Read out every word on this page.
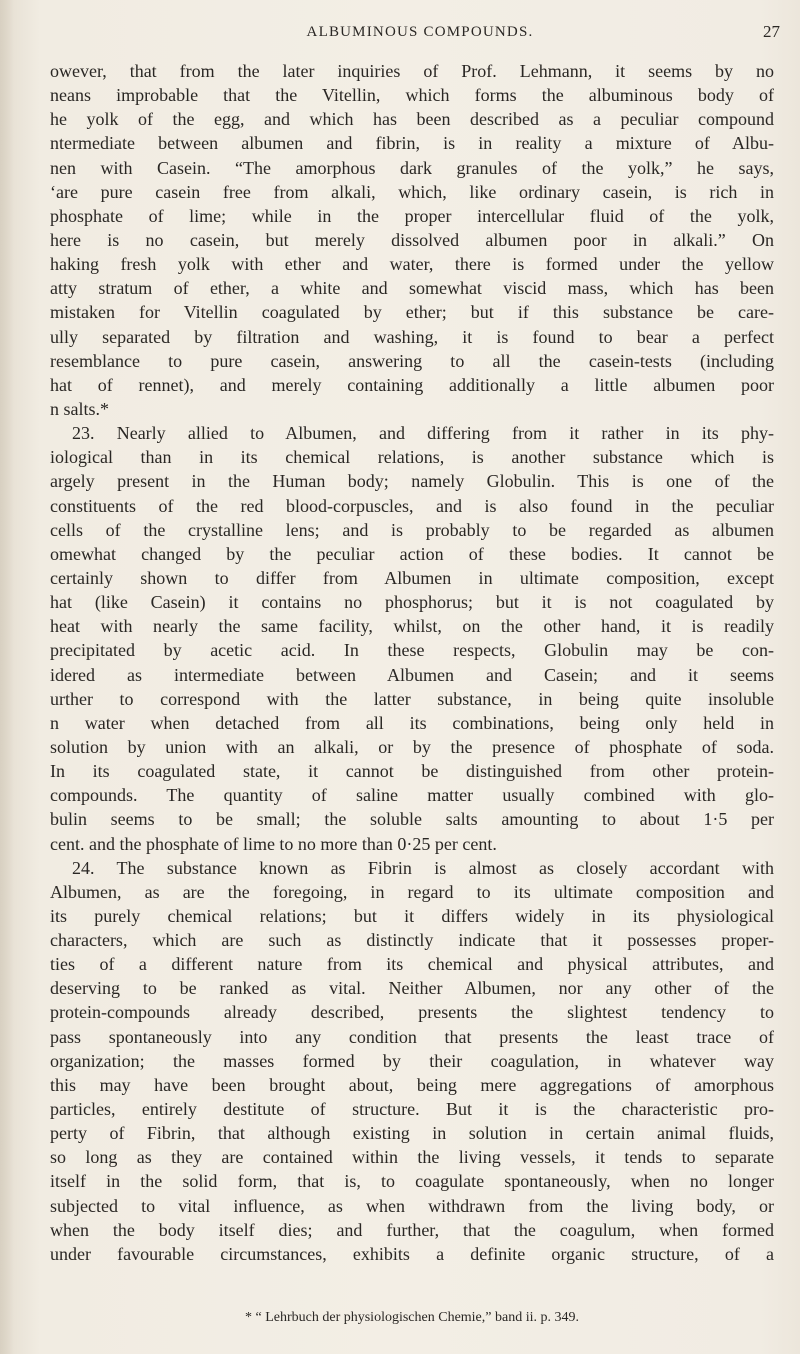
ALBUMINOUS COMPOUNDS.	27
owever, that from the later inquiries of Prof. Lehmann, it seems by no
neans improbable that the Vitellin, which forms the albuminous body of
he yolk of the egg, and which has been described as a peculiar compound
ntermediate between albumen and fibrin, is in reality a mixture of Albu-
nen with Casein. “The amorphous dark granules of the yolk,” he says,
‘are pure casein free from alkali, which, like ordinary casein, is rich in
phosphate of lime; while in the proper intercellular fluid of the yolk,
here is no casein, but merely dissolved albumen poor in alkali.” On
haking fresh yolk with ether and water, there is formed under the yellow
atty stratum of ether, a white and somewhat viscid mass, which has been
mistaken for Vitellin coagulated by ether; but if this substance be care-
ully separated by filtration and washing, it is found to bear a perfect
resemblance to pure casein, answering to all the casein-tests (including
hat of rennet), and merely containing additionally a little albumen poor
n salts.*
23. Nearly allied to Albumen, and differing from it rather in its phy-
iological than in its chemical relations, is another substance which is
argely present in the Human body; namely Globulin. This is one of the
constituents of the red blood-corpuscles, and is also found in the peculiar
cells of the crystalline lens; and is probably to be regarded as albumen
omewhat changed by the peculiar action of these bodies. It cannot be
certainly shown to differ from Albumen in ultimate composition, except
hat (like Casein) it contains no phosphorus; but it is not coagulated by
heat with nearly the same facility, whilst, on the other hand, it is readily
precipitated by acetic acid. In these respects, Globulin may be con-
idered as intermediate between Albumen and Casein; and it seems
urther to correspond with the latter substance, in being quite insoluble
n water when detached from all its combinations, being only held in
solution by union with an alkali, or by the presence of phosphate of soda.
In its coagulated state, it cannot be distinguished from other protein-
compounds. The quantity of saline matter usually combined with glo-
bulin seems to be small; the soluble salts amounting to about 1·5 per
cent. and the phosphate of lime to no more than 0·25 per cent.
24. The substance known as Fibrin is almost as closely accordant with
Albumen, as are the foregoing, in regard to its ultimate composition and
its purely chemical relations; but it differs widely in its physiological
characters, which are such as distinctly indicate that it possesses proper-
ties of a different nature from its chemical and physical attributes, and
deserving to be ranked as vital. Neither Albumen, nor any other of the
protein-compounds already described, presents the slightest tendency to
pass spontaneously into any condition that presents the least trace of
organization; the masses formed by their coagulation, in whatever way
this may have been brought about, being mere aggregations of amorphous
particles, entirely destitute of structure. But it is the characteristic pro-
perty of Fibrin, that although existing in solution in certain animal fluids,
so long as they are contained within the living vessels, it tends to separate
itself in the solid form, that is, to coagulate spontaneously, when no longer
subjected to vital influence, as when withdrawn from the living body, or
when the body itself dies; and further, that the coagulum, when formed
under favourable circumstances, exhibits a definite organic structure, of a
* “ Lehrbuch der physiologischen Chemie,” band ii. p. 349.
